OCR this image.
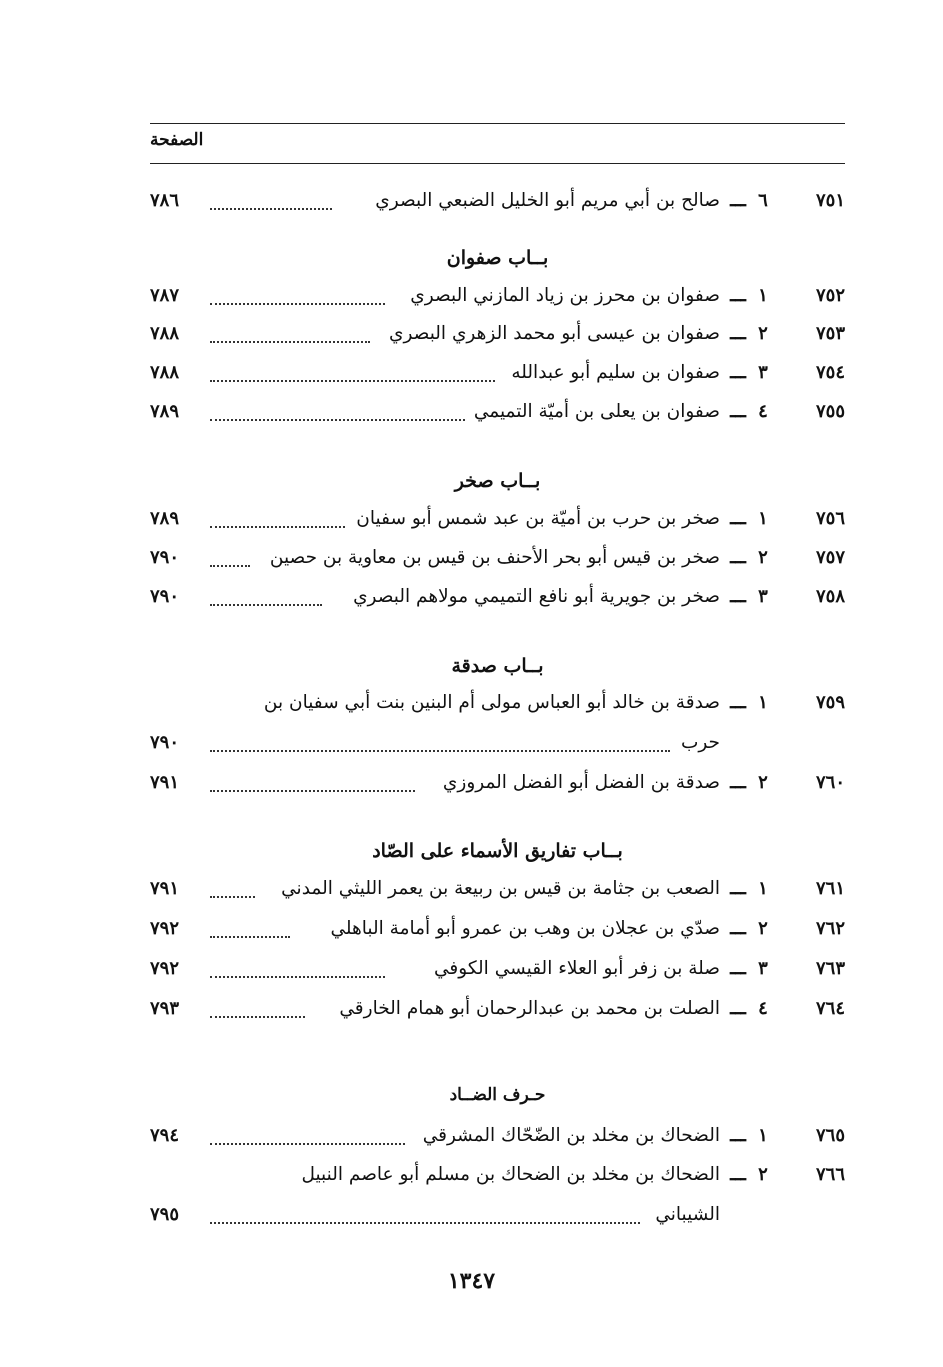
الصفحة
٧٥١
٦
ـــ
صالح بن أبي مريم أبو الخليل الضبعي البصري
٧٨٦
بــاب صفوان
٧٥٢
١
ـــ
صفوان بن محرز بن زياد المازني البصري
٧٨٧
٧٥٣
٢
ـــ
صفوان بن عيسى أبو محمد الزهري البصري
٧٨٨
٧٥٤
٣
ـــ
صفوان بن سليم أبو عبدالله
٧٨٨
٧٥٥
٤
ـــ
صفوان بن يعلى بن أميّة التميمي
٧٨٩
بــاب صخر
٧٥٦
١
ـــ
صخر بن حرب بن أميّة بن عبد شمس أبو سفيان
٧٨٩
٧٥٧
٢
ـــ
صخر بن قيس أبو بحر الأحنف بن قيس بن معاوية بن حصين
٧٩٠
٧٥٨
٣
ـــ
صخر بن جويرية أبو نافع التميمي مولاهم البصري
٧٩٠
بــاب صدقة
٧٥٩
١
ـــ
صدقة بن خالد أبو العباس مولى أم البنين بنت أبي سفيان بن
حرب
٧٩٠
٧٦٠
٢
ـــ
صدقة بن الفضل أبو الفضل المروزي
٧٩١
بــاب تفاريق الأسماء على الصّاد
٧٦١
١
ـــ
الصعب بن جثامة بن قيس بن ربيعة بن يعمر الليثي المدني
٧٩١
٧٦٢
٢
ـــ
صدّي بن عجلان بن وهب بن عمرو أبو أمامة الباهلي
٧٩٢
٧٦٣
٣
ـــ
صلة بن زفر أبو العلاء القيسي الكوفي
٧٩٢
٧٦٤
٤
ـــ
الصلت بن محمد بن عبدالرحمان أبو همام الخارقي
٧٩٣
حـرف الضــاد
٧٦٥
١
ـــ
الضحاك بن مخلد بن الضّحّاك المشرقي
٧٩٤
٧٦٦
٢
ـــ
الضحاك بن مخلد بن الضحاك بن مسلم أبو عاصم النبيل
الشيباني
٧٩٥
١٣٤٧
